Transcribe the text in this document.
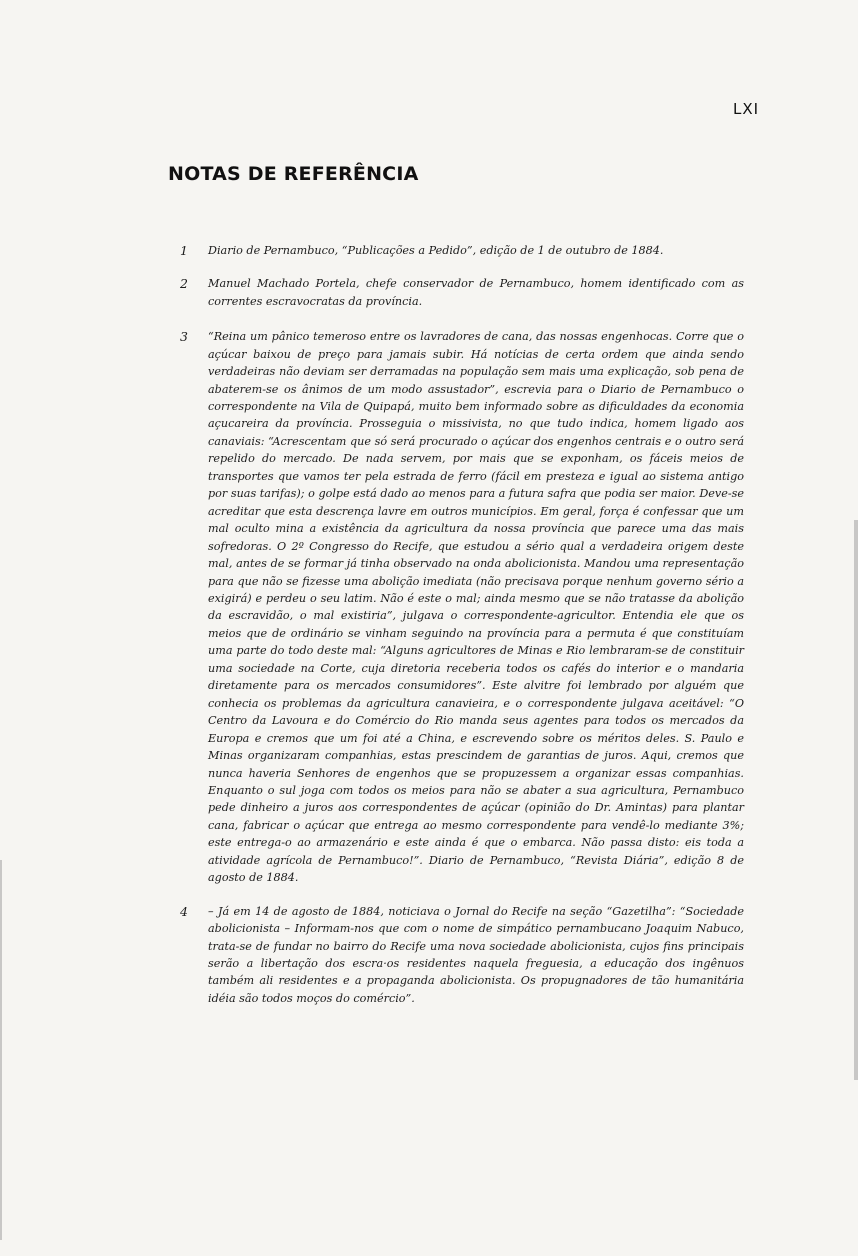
LXI
NOTAS DE REFERÊNCIA
1 Diario de Pernambuco, “Publicações a Pedido”, edição de 1 de outubro de 1884.
2 Manuel Machado Portela, chefe conservador de Pernambuco, homem identificado com as correntes escravocratas da província.
3 “Reina um pânico temeroso entre os lavradores de cana, das nossas engenhocas. Corre que o açúcar baixou de preço para jamais subir. Há notícias de certa ordem que ainda sendo verdadeiras não deviam ser derramadas na população sem mais uma explicação, sob pena de abaterem-se os ânimos de um modo assustador”, escrevia para o Diario de Pernambuco o correspondente na Vila de Quipapá, muito bem informado sobre as dificuldades da economia açucareira da província. Prosseguia o missivista, no que tudo indica, homem ligado aos canaviais: “Acrescentam que só será procurado o açúcar dos engenhos centrais e o outro será repelido do mercado. De nada servem, por mais que se exponham, os fáceis meios de transportes que vamos ter pela estrada de ferro (fácil em presteza e igual ao sistema antigo por suas tarifas); o golpe está dado ao menos para a futura safra que podia ser maior. Deve-se acreditar que esta descrença lavre em outros municípios. Em geral, força é confessar que um mal oculto mina a existência da agricultura da nossa província que parece uma das mais sofredoras. O 2º Congresso do Recife, que estudou a sério qual a verdadeira origem deste mal, antes de se formar já tinha observado na onda abolicionista. Mandou uma representação para que não se fizesse uma abolição imediata (não precisava porque nenhum governo sério a exigirá) e perdeu o seu latim. Não é este o mal; ainda mesmo que se não tratasse da abolição da escravidão, o mal existiria”, julgava o correspondente-agricultor. Entendia ele que os meios que de ordinário se vinham seguindo na província para a permuta é que constituíam uma parte do todo deste mal: “Alguns agricultores de Minas e Rio lembraram-se de constituir uma sociedade na Corte, cuja diretoria receberia todos os cafés do interior e o mandaria diretamente para os mercados consumidores”. Este alvitre foi lembrado por alguém que conhecia os problemas da agricultura canavieira, e o correspondente julgava aceitável: “O Centro da Lavoura e do Comércio do Rio manda seus agentes para todos os mercados da Europa e cremos que um foi até a China, e escrevendo sobre os méritos deles. S. Paulo e Minas organizaram companhias, estas prescindem de garantias de juros. Aqui, cremos que nunca haveria Senhores de engenhos que se propuzessem a organizar essas companhias. Enquanto o sul joga com todos os meios para não se abater a sua agricultura, Pernambuco pede dinheiro a juros aos correspondentes de açúcar (opinião do Dr. Amintas) para plantar cana, fabricar o açúcar que entrega ao mesmo correspondente para vendê-lo mediante 3%; este entrega-o ao armazenário e este ainda é que o embarca. Não passa disto: eis toda a atividade agrícola de Pernambuco!”. Diario de Pernambuco, “Revista Diária”, edição 8 de agosto de 1884.
4 – Já em 14 de agosto de 1884, noticiava o Jornal do Recife na seção “Gazetilha”: “Sociedade abolicionista – Informam-nos que com o nome de simpático pernambucano Joaquim Nabuco, trata-se de fundar no bairro do Recife uma nova sociedade abolicionista, cujos fins principais serão a libertação dos escra·os residentes naquela freguesia, a educação dos ingênuos também ali residentes e a propaganda abolicionista. Os propugnadores de tão humanitária idéia são todos moços do comércio”.
